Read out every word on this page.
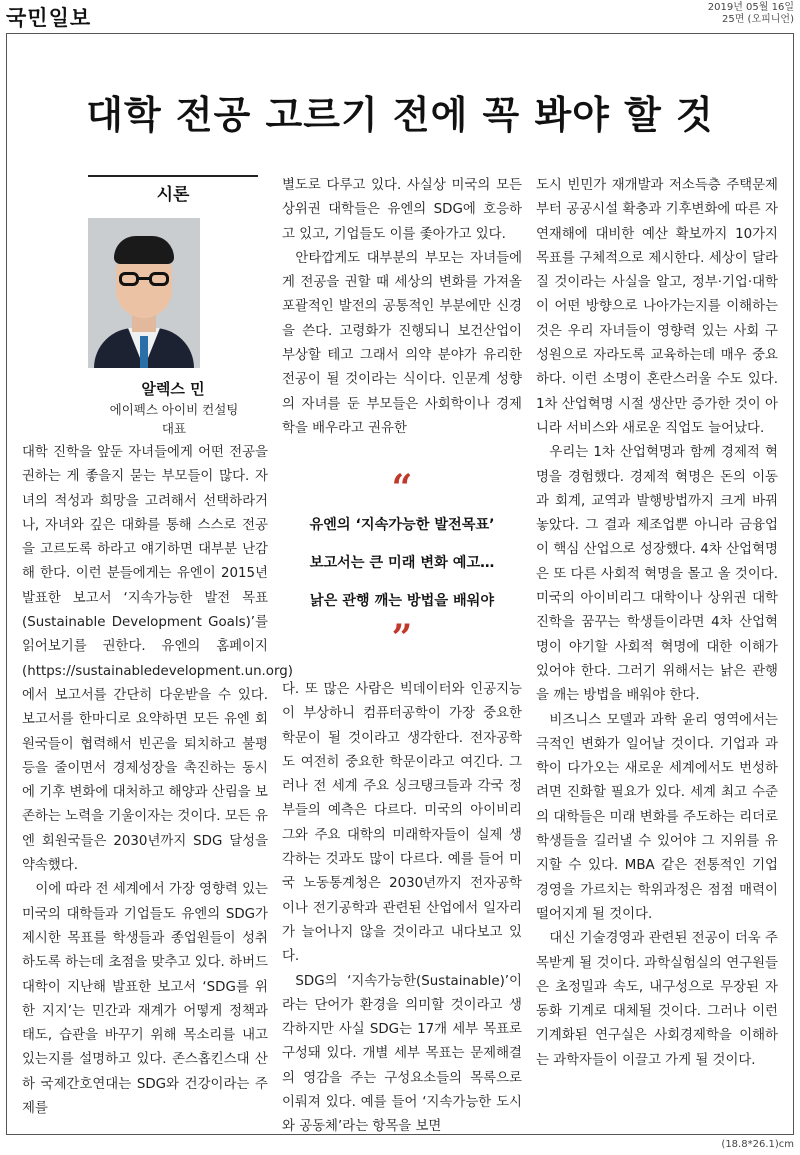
국민일보	2019년 05월 16일
25면 (오피니언)
대학 전공 고르기 전에 꼭 봐야 할 것
시론
알렉스 민
에이펙스 아이비 컨설팅
대표

대학 진학을 앞둔 자녀들에게 어떤 전공을 권하는 게 좋을지 묻는 부모들이 많다. 자녀의 적성과 희망을 고려해서 선택하라거나, 자녀와 깊은 대화를 통해 스스로 전공을 고르도록 하라고 얘기하면 대부분 난감해 한다. 이런 분들에게는 유엔이 2015년 발표한 보고서 ‘지속가능한 발전 목표(Sustainable Development Goals)’를 읽어보기를 권한다. 유엔의 홈페이지(https://sustainabledevelopment.un.org)에서 보고서를 간단히 다운받을 수 있다. 보고서를 한마디로 요약하면 모든 유엔 회원국들이 협력해서 빈곤을 퇴치하고 불평등을 줄이면서 경제성장을 촉진하는 동시에 기후 변화에 대처하고 해양과 산림을 보존하는 노력을 기울이자는 것이다. 모든 유엔 회원국들은 2030년까지 SDG 달성을 약속했다.

이에 따라 전 세계에서 가장 영향력 있는 미국의 대학들과 기업들도 유엔의 SDG가 제시한 목표를 학생들과 종업원들이 성취하도록 하는데 초점을 맞추고 있다. 하버드대학이 지난해 발표한 보고서 ‘SDG를 위한 지지’는 민간과 재계가 어떻게 정책과 태도, 습관을 바꾸기 위해 목소리를 내고 있는지를 설명하고 있다. 존스홉킨스대 산하 국제간호연대는 SDG와 건강이라는 주제를

별도로 다루고 있다. 사실상 미국의 모든 상위권 대학들은 유엔의 SDG에 호응하고 있고, 기업들도 이를 좇아가고 있다.

안타깝게도 대부분의 부모는 자녀들에게 전공을 권할 때 세상의 변화를 가져올 포괄적인 발전의 공통적인 부분에만 신경을 쓴다. 고령화가 진행되니 보건산업이 부상할 테고 그래서 의약 분야가 유리한 전공이 될 것이라는 식이다. 인문계 성향의 자녀를 둔 부모들은 사회학이나 경제학을 배우라고 권유한

“
유엔의 ‘지속가능한 발전목표’
보고서는 큰 미래 변화 예고…
낡은 관행 깨는 방법을 배워야
”

다. 또 많은 사람은 빅데이터와 인공지능이 부상하니 컴퓨터공학이 가장 중요한 학문이 될 것이라고 생각한다. 전자공학도 여전히 중요한 학문이라고 여긴다. 그러나 전 세계 주요 싱크탱크들과 각국 정부들의 예측은 다르다. 미국의 아이비리그와 주요 대학의 미래학자들이 실제 생각하는 것과도 많이 다르다. 예를 들어 미국 노동통계청은 2030년까지 전자공학이나 전기공학과 관련된 산업에서 일자리가 늘어나지 않을 것이라고 내다보고 있다.

SDG의 ‘지속가능한(Sustainable)’이라는 단어가 환경을 의미할 것이라고 생각하지만 사실 SDG는 17개 세부 목표로 구성돼 있다. 개별 세부 목표는 문제해결의 영감을 주는 구성요소들의 목록으로 이뤄져 있다. 예를 들어 ‘지속가능한 도시와 공동체’라는 항목을 보면

도시 빈민가 재개발과 저소득층 주택문제부터 공공시설 확충과 기후변화에 따른 자연재해에 대비한 예산 확보까지 10가지 목표를 구체적으로 제시한다. 세상이 달라질 것이라는 사실을 알고, 정부·기업·대학이 어떤 방향으로 나아가는지를 이해하는 것은 우리 자녀들이 영향력 있는 사회 구성원으로 자라도록 교육하는데 매우 중요하다. 이런 소명이 혼란스러울 수도 있다. 1차 산업혁명 시절 생산만 증가한 것이 아니라 서비스와 새로운 직업도 늘어났다.

우리는 1차 산업혁명과 함께 경제적 혁명을 경험했다. 경제적 혁명은 돈의 이동과 회계, 교역과 발행방법까지 크게 바꿔 놓았다. 그 결과 제조업뿐 아니라 금융업이 핵심 산업으로 성장했다. 4차 산업혁명은 또 다른 사회적 혁명을 몰고 올 것이다. 미국의 아이비리그 대학이나 상위권 대학 진학을 꿈꾸는 학생들이라면 4차 산업혁명이 야기할 사회적 혁명에 대한 이해가 있어야 한다. 그러기 위해서는 낡은 관행을 깨는 방법을 배워야 한다.

비즈니스 모델과 과학 윤리 영역에서는 극적인 변화가 일어날 것이다. 기업과 과학이 다가오는 새로운 세계에서도 번성하려면 진화할 필요가 있다. 세계 최고 수준의 대학들은 미래 변화를 주도하는 리더로 학생들을 길러낼 수 있어야 그 지위를 유지할 수 있다. MBA 같은 전통적인 기업 경영을 가르치는 학위과정은 점점 매력이 떨어지게 될 것이다.

대신 기술경영과 관련된 전공이 더욱 주목받게 될 것이다. 과학실험실의 연구원들은 초정밀과 속도, 내구성으로 무장된 자동화 기계로 대체될 것이다. 그러나 이런 기계화된 연구실은 사회경제학을 이해하는 과학자들이 이끌고 가게 될 것이다.

(18.8*26.1)cm
